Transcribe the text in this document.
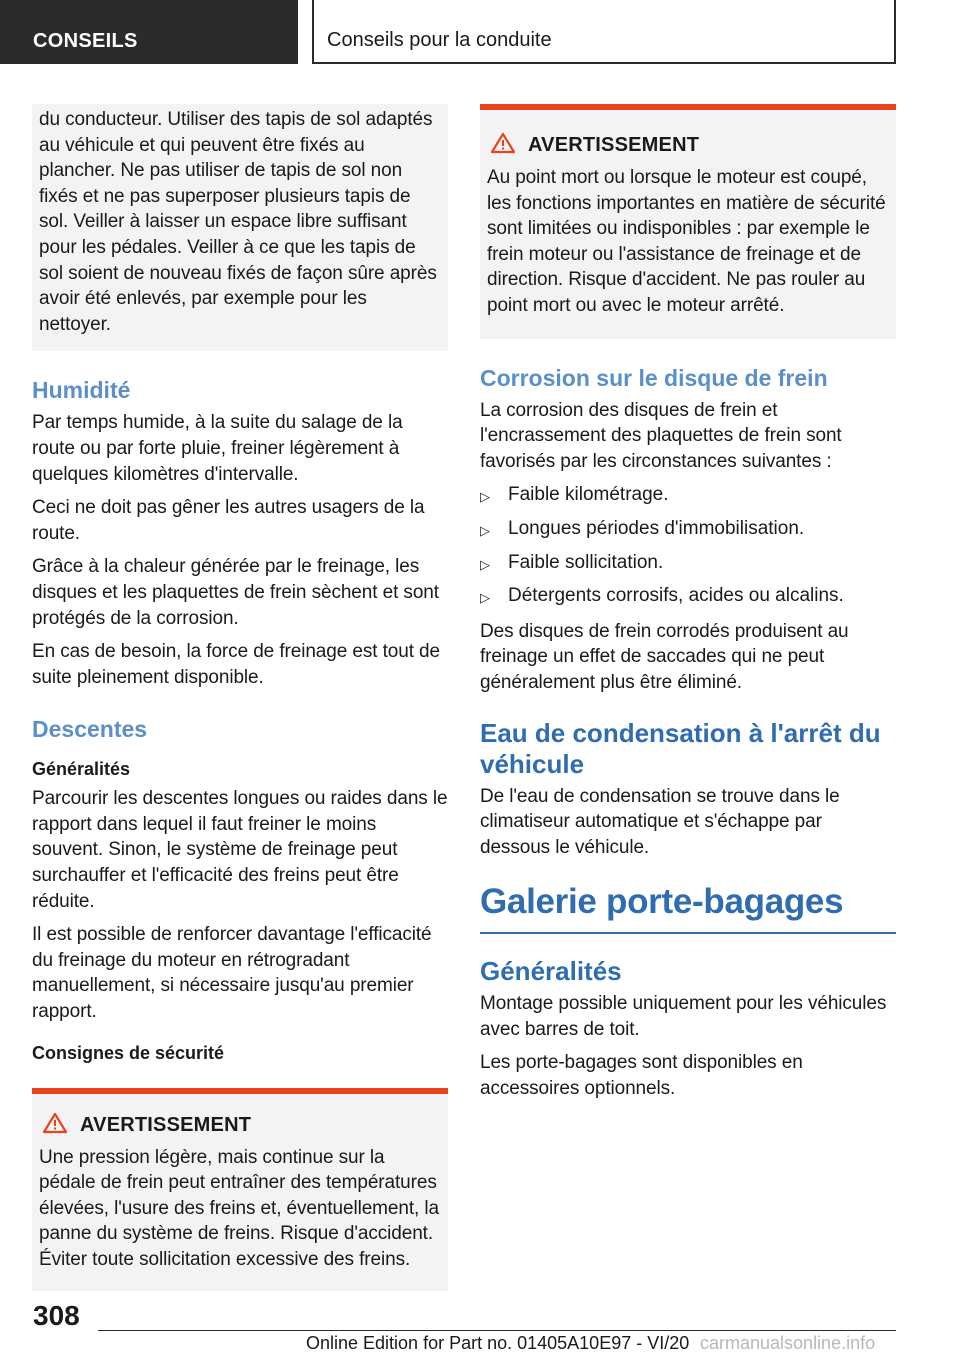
CONSEILS	Conseils pour la conduite

du conducteur. Utiliser des tapis de sol adaptés au véhicule et qui peuvent être fixés au plancher. Ne pas utiliser de tapis de sol non fixés et ne pas superposer plusieurs tapis de sol. Veiller à laisser un espace libre suffisant pour les pédales. Veiller à ce que les tapis de sol soient de nouveau fixés de façon sûre après avoir été enlevés, par exemple pour les nettoyer.

Humidité

Par temps humide, à la suite du salage de la route ou par forte pluie, freiner légèrement à quelques kilomètres d'intervalle.

Ceci ne doit pas gêner les autres usagers de la route.

Grâce à la chaleur générée par le freinage, les disques et les plaquettes de frein sèchent et sont protégés de la corrosion.

En cas de besoin, la force de freinage est tout de suite pleinement disponible.

Descentes
Généralités

Parcourir les descentes longues ou raides dans le rapport dans lequel il faut freiner le moins souvent. Sinon, le système de freinage peut surchauffer et l'efficacité des freins peut être réduite.

Il est possible de renforcer davantage l'efficacité du freinage du moteur en rétrogradant manuellement, si nécessaire jusqu'au premier rapport.

Consignes de sécurité
AVERTISSEMENT

Une pression légère, mais continue sur la pédale de frein peut entraîner des températures élevées, l'usure des freins et, éventuellement, la panne du système de freins. Risque d'accident. Éviter toute sollicitation excessive des freins.

AVERTISSEMENT

Au point mort ou lorsque le moteur est coupé, les fonctions importantes en matière de sécurité sont limitées ou indisponibles : par exemple le frein moteur ou l'assistance de freinage et de direction. Risque d'accident. Ne pas rouler au point mort ou avec le moteur arrêté.

Corrosion sur le disque de frein

La corrosion des disques de frein et l'encrassement des plaquettes de frein sont favorisés par les circonstances suivantes :

▷ Faible kilométrage.
▷ Longues périodes d'immobilisation.
▷ Faible sollicitation.
▷ Détergents corrosifs, acides ou alcalins.

Des disques de frein corrodés produisent au freinage un effet de saccades qui ne peut généralement plus être éliminé.

Eau de condensation à l'arrêt du véhicule

De l'eau de condensation se trouve dans le climatiseur automatique et s'échappe par dessous le véhicule.

Galerie porte-bagages
Généralités

Montage possible uniquement pour les véhicules avec barres de toit.

Les porte-bagages sont disponibles en accessoires optionnels.

308
Online Edition for Part no. 01405A10E97 - VI/20 carmanualsonline.info
